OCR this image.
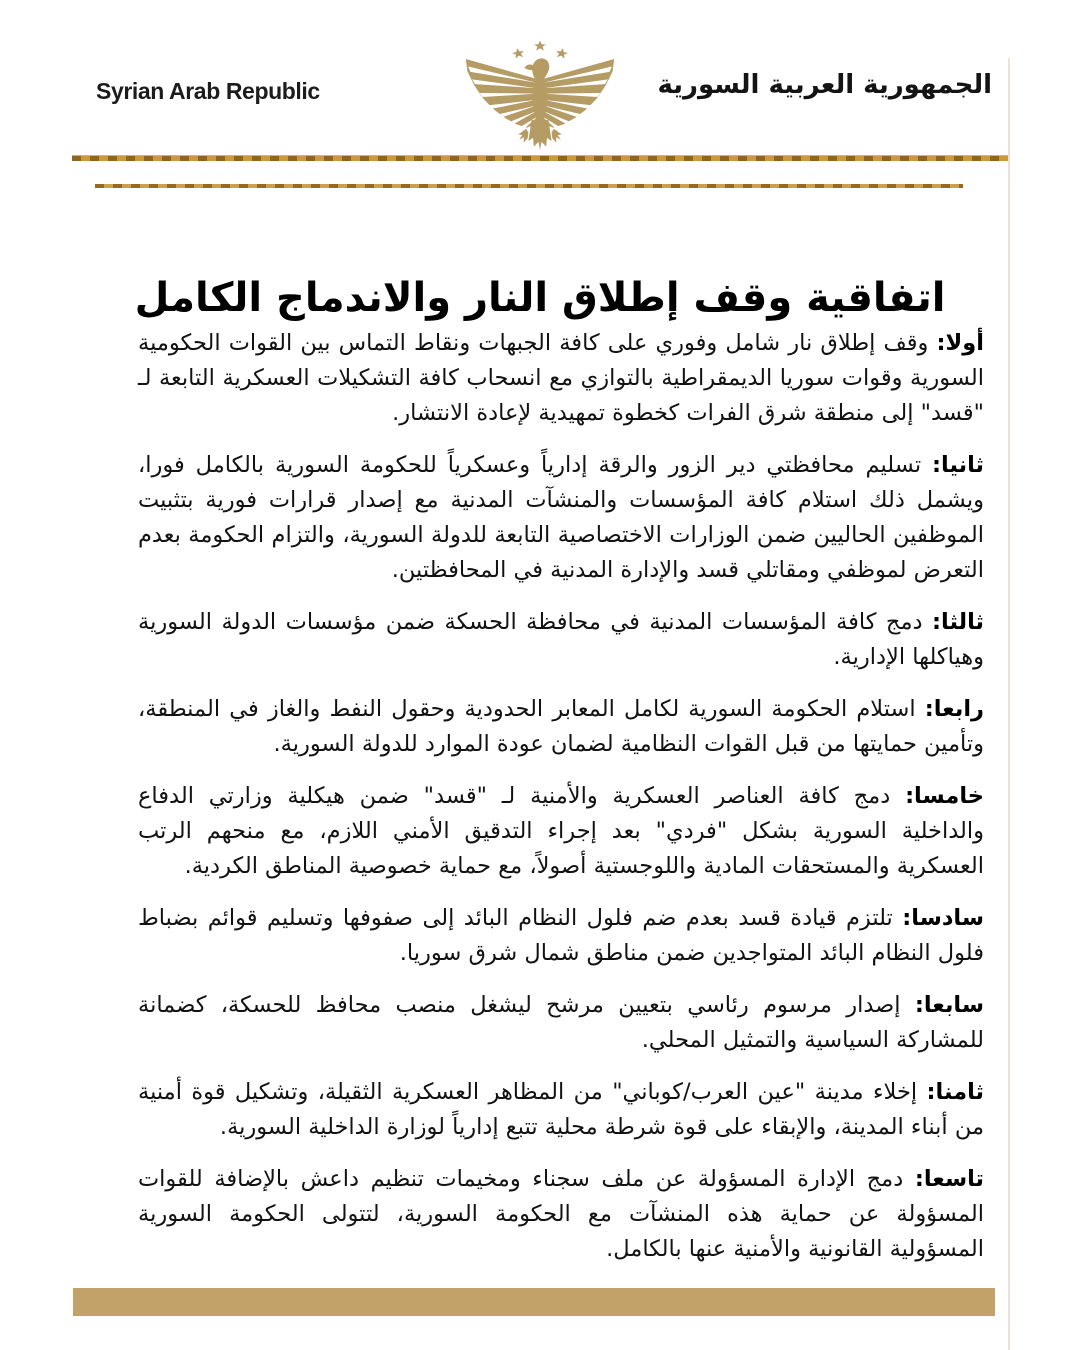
Syrian Arab Republic	الجمهورية العربية السورية
اتفاقية وقف إطلاق النار والاندماج الكامل

أولا: وقف إطلاق نار شامل وفوري على كافة الجبهات ونقاط التماس بين القوات الحكومية السورية وقوات سوريا الديمقراطية بالتوازي مع انسحاب كافة التشكيلات العسكرية التابعة لـ "قسد" إلى منطقة شرق الفرات كخطوة تمهيدية لإعادة الانتشار.

ثانيا: تسليم محافظتي دير الزور والرقة إدارياً وعسكرياً للحكومة السورية بالكامل فورا، ويشمل ذلك استلام كافة المؤسسات والمنشآت المدنية مع إصدار قرارات فورية بتثبيت الموظفين الحاليين ضمن الوزارات الاختصاصية التابعة للدولة السورية، والتزام الحكومة بعدم التعرض لموظفي ومقاتلي قسد والإدارة المدنية في المحافظتين.

ثالثا: دمج كافة المؤسسات المدنية في محافظة الحسكة ضمن مؤسسات الدولة السورية وهياكلها الإدارية.

رابعا: استلام الحكومة السورية لكامل المعابر الحدودية وحقول النفط والغاز في المنطقة، وتأمين حمايتها من قبل القوات النظامية لضمان عودة الموارد للدولة السورية.

خامسا: دمج كافة العناصر العسكرية والأمنية لـ "قسد" ضمن هيكلية وزارتي الدفاع والداخلية السورية بشكل "فردي" بعد إجراء التدقيق الأمني اللازم، مع منحهم الرتب العسكرية والمستحقات المادية واللوجستية أصولاً، مع حماية خصوصية المناطق الكردية.

سادسا: تلتزم قيادة قسد بعدم ضم فلول النظام البائد إلى صفوفها وتسليم قوائم بضباط فلول النظام البائد المتواجدين ضمن مناطق شمال شرق سوريا.

سابعا: إصدار مرسوم رئاسي بتعيين مرشح ليشغل منصب محافظ للحسكة، كضمانة للمشاركة السياسية والتمثيل المحلي.

ثامنا: إخلاء مدينة "عين العرب/كوباني" من المظاهر العسكرية الثقيلة، وتشكيل قوة أمنية من أبناء المدينة، والإبقاء على قوة شرطة محلية تتبع إدارياً لوزارة الداخلية السورية.

تاسعا: دمج الإدارة المسؤولة عن ملف سجناء ومخيمات تنظيم داعش بالإضافة للقوات المسؤولة عن حماية هذه المنشآت مع الحكومة السورية، لتتولى الحكومة السورية المسؤولية القانونية والأمنية عنها بالكامل.
